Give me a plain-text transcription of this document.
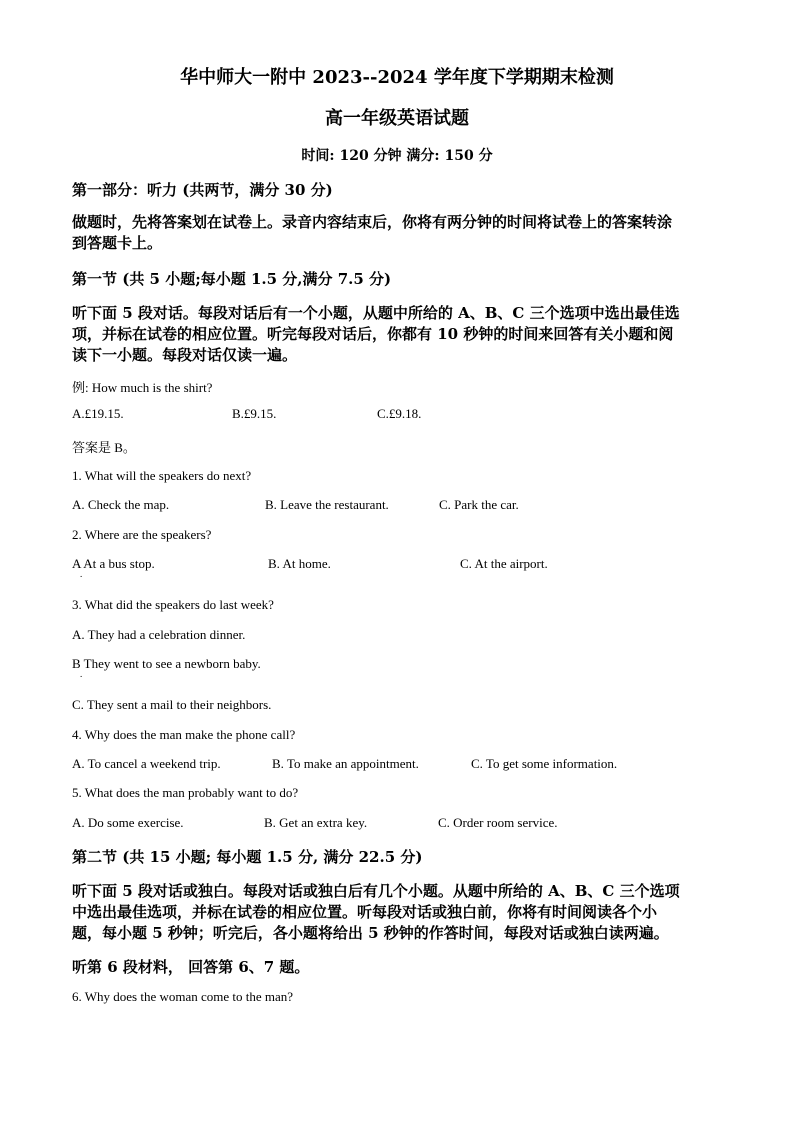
华中师大一附中 2023--2024 学年度下学期期末检测
高一年级英语试题
时间: 120 分钟 满分: 150 分
第一部分：听力 (共两节，满分 30 分)
做题时，先将答案划在试卷上。录音内容结束后，你将有两分钟的时间将试卷上的答案转涂
到答题卡上。
第一节 (共 5 小题;每小题 1.5 分,满分 7.5 分)
听下面 5 段对话。每段对话后有一个小题，从题中所给的 A、B、C 三个选项中选出最佳选
项，并标在试卷的相应位置。听完每段对话后，你都有 10 秒钟的时间来回答有关小题和阅
读下一小题。每段对话仅读一遍。
例: How much is the shirt?
A.£19.15.	B.£9.15.	C.£9.18.
答案是 B。
1. What will the speakers do next?
A. Check the map.	B. Leave the restaurant.	C. Park the car.
2. Where are the speakers?
A At a bus stop.	B. At home.	C. At the airport.
.
3. What did the speakers do last week?
A. They had a celebration dinner.
B They went to see a newborn baby.
.
C. They sent a mail to their neighbors.
4. Why does the man make the phone call?
A. To cancel a weekend trip.	B. To make an appointment.	C. To get some information.
5. What does the man probably want to do?
A. Do some exercise.	B. Get an extra key.	C. Order room service.
第二节 (共 15 小题; 每小题 1.5 分, 满分 22.5 分)
听下面 5 段对话或独白。每段对话或独白后有几个小题。从题中所给的 A、B、C 三个选项
中选出最佳选项，并标在试卷的相应位置。听每段对话或独白前，你将有时间阅读各个小
题，每小题 5 秒钟；听完后，各小题将给出 5 秒钟的作答时间，每段对话或独白读两遍。
听第 6 段材料， 回答第 6、7 题。
6. Why does the woman come to the man?
